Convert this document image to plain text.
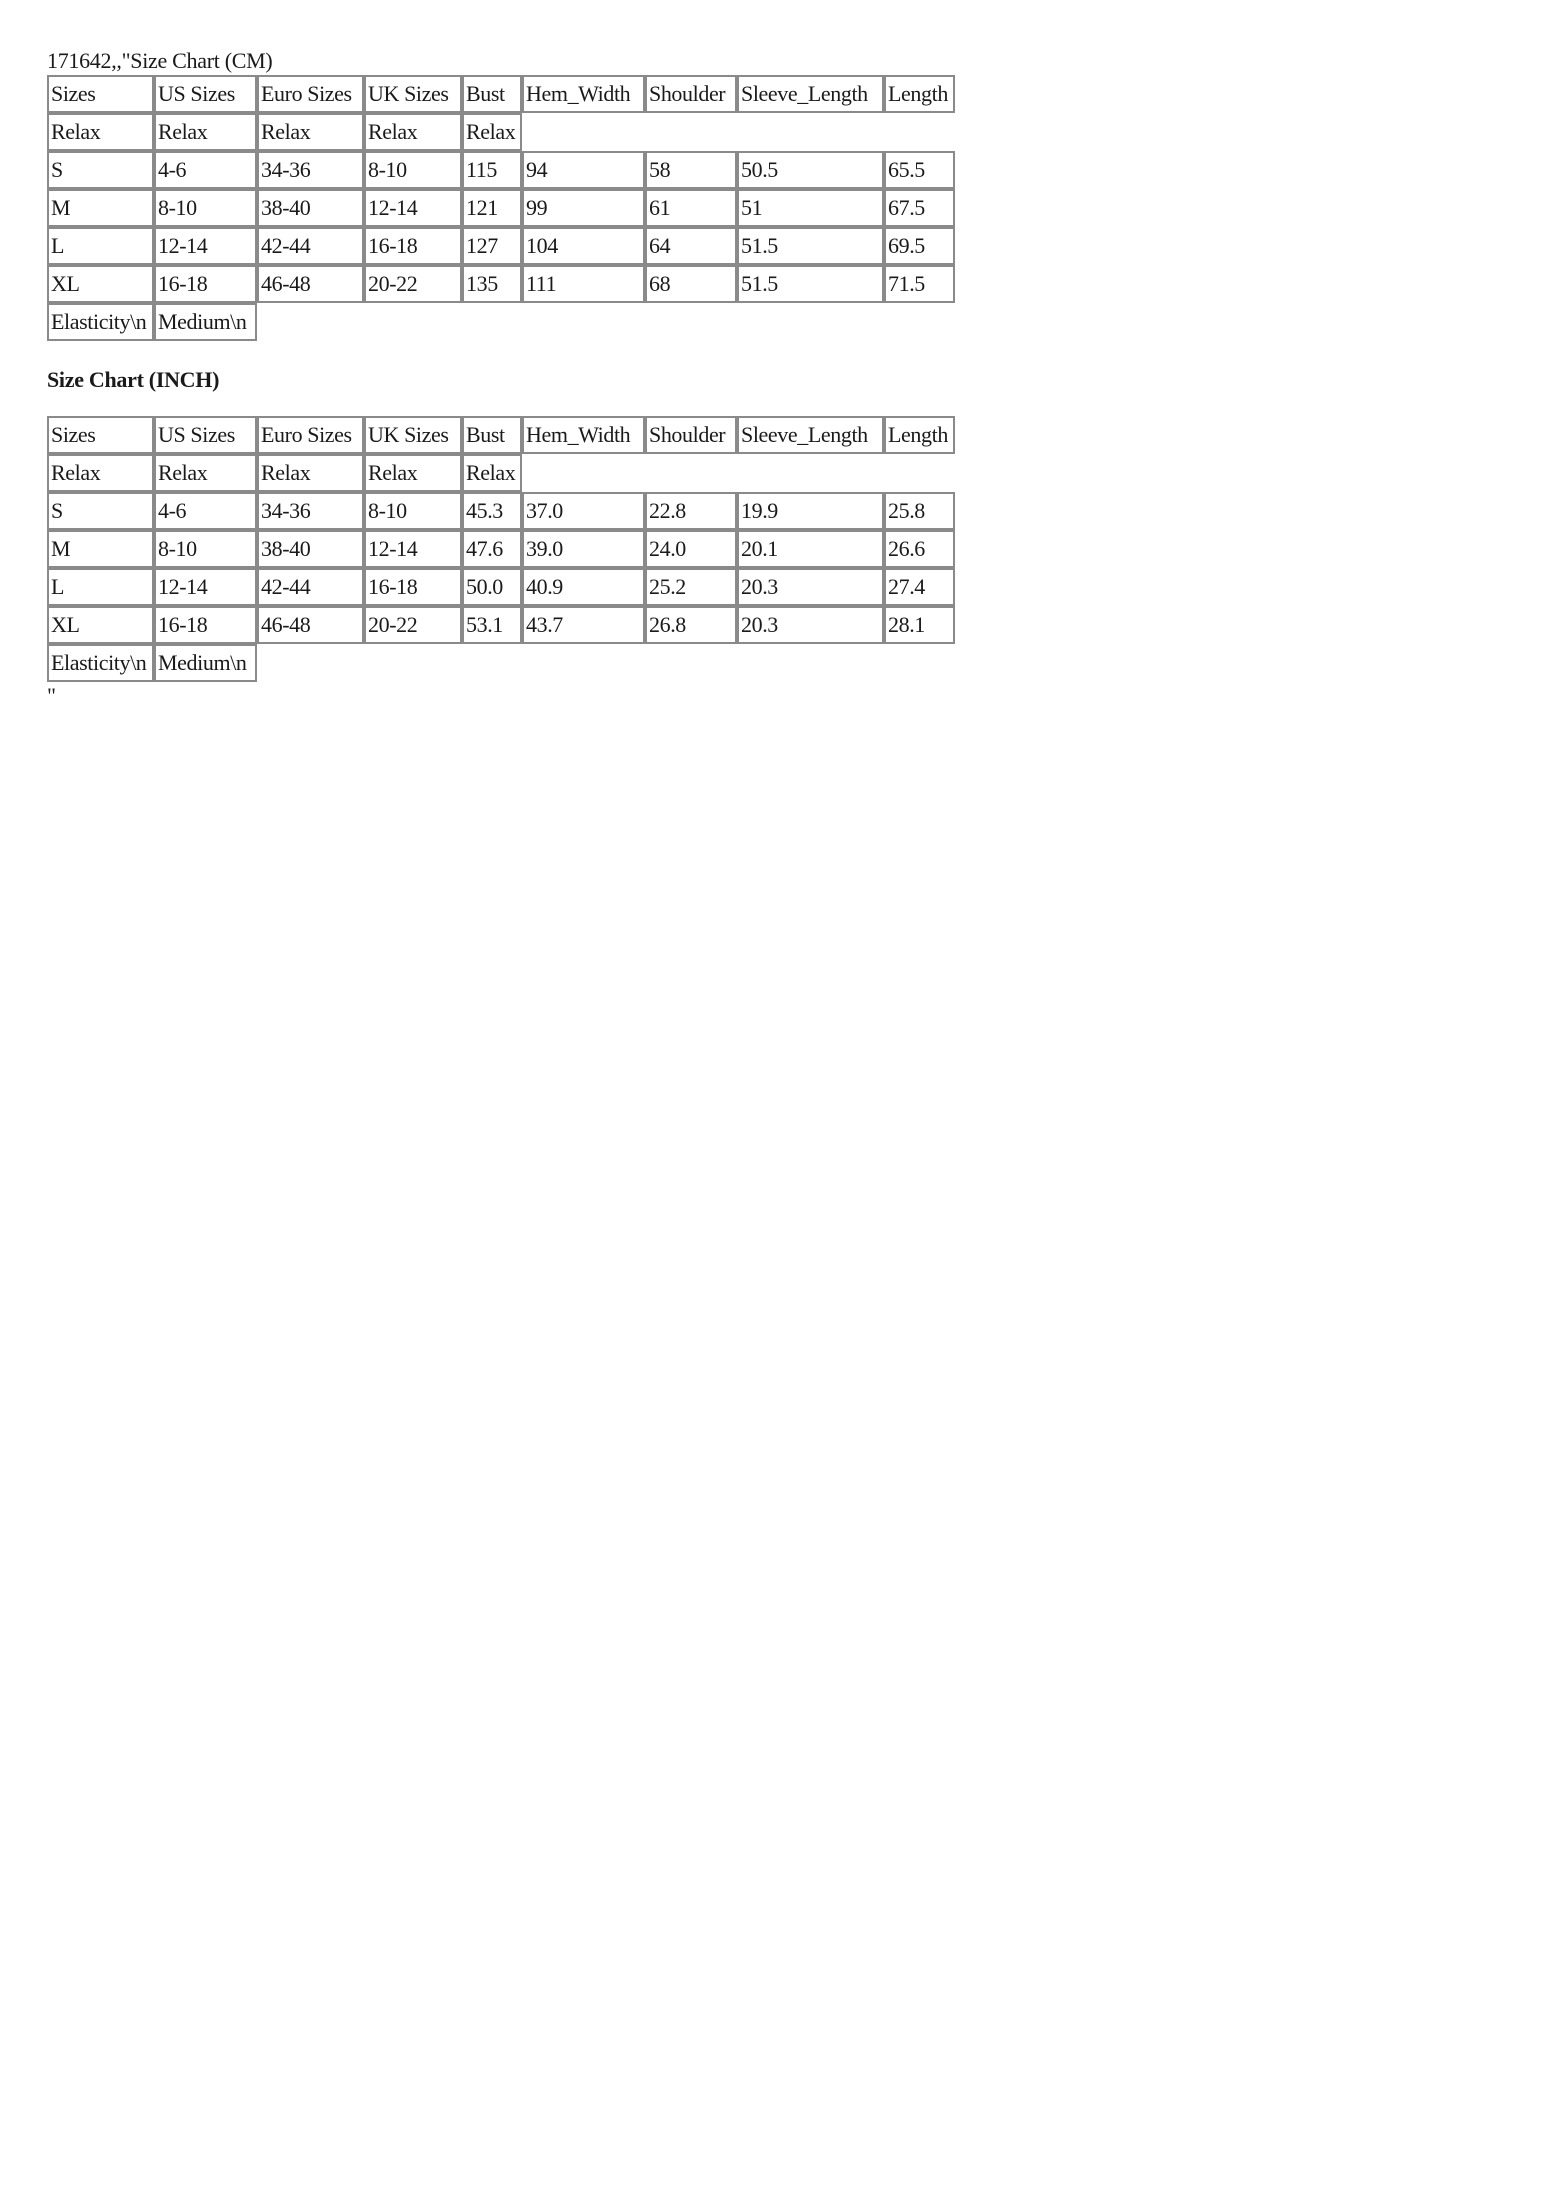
171642,,"Size Chart (CM)
Sizes	US Sizes	Euro Sizes	UK Sizes	Bust	Hem_Width	Shoulder	Sleeve_Length	Length
Relax	Relax	Relax	Relax	Relax				
S	4-6	34-36	8-10	115	94	58	50.5	65.5
M	8-10	38-40	12-14	121	99	61	51	67.5
L	12-14	42-44	16-18	127	104	64	51.5	69.5
XL	16-18	46-48	20-22	135	111	68	51.5	71.5
Elasticity\n	Medium\n							
Size Chart (INCH)
Sizes	US Sizes	Euro Sizes	UK Sizes	Bust	Hem_Width	Shoulder	Sleeve_Length	Length
Relax	Relax	Relax	Relax	Relax				
S	4-6	34-36	8-10	45.3	37.0	22.8	19.9	25.8
M	8-10	38-40	12-14	47.6	39.0	24.0	20.1	26.6
L	12-14	42-44	16-18	50.0	40.9	25.2	20.3	27.4
XL	16-18	46-48	20-22	53.1	43.7	26.8	20.3	28.1
Elasticity\n	Medium\n							
"
